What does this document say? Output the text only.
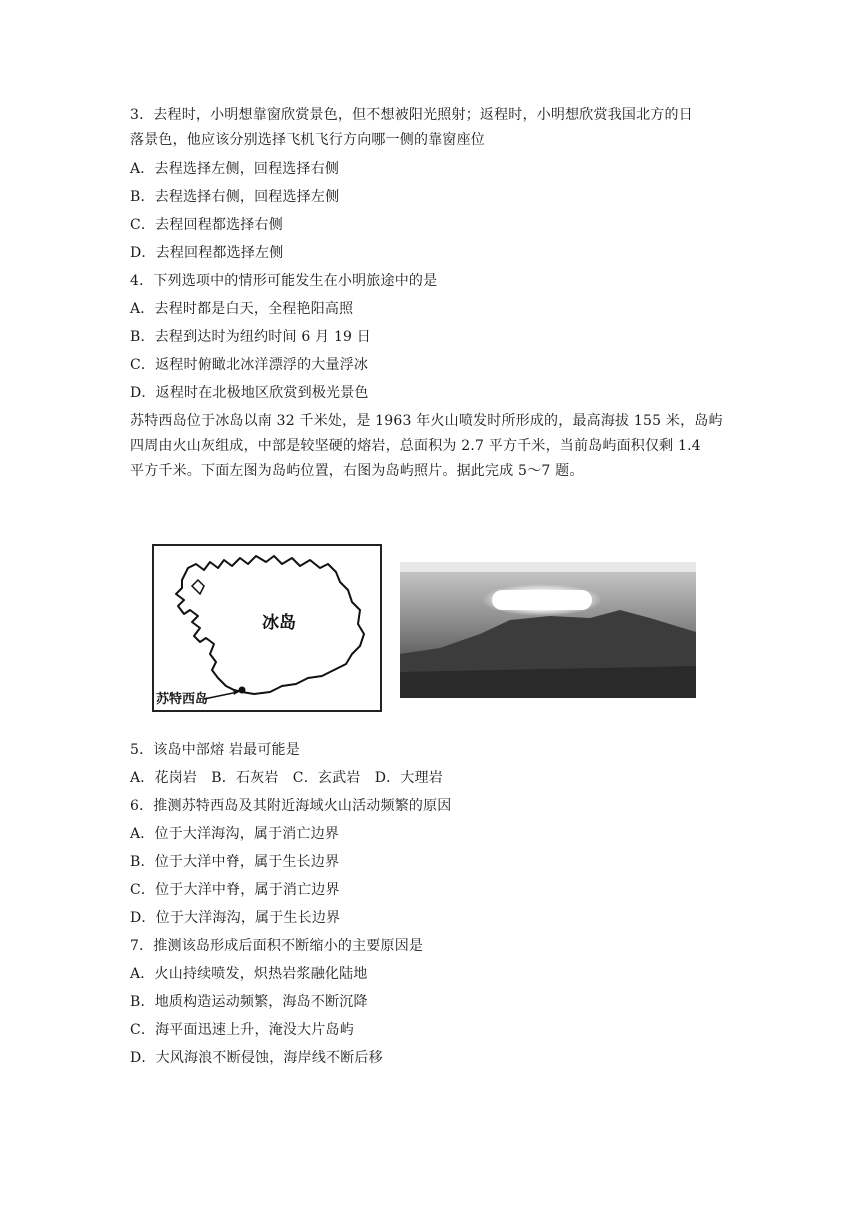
3．去程时，小明想靠窗欣赏景色，但不想被阳光照射；返程时，小明想欣赏我国北方的日
落景色，他应该分别选择飞机飞行方向哪一侧的靠窗座位
A．去程选择左侧，回程选择右侧
B．去程选择右侧，回程选择左侧
C．去程回程都选择右侧
D．去程回程都选择左侧
4．下列选项中的情形可能发生在小明旅途中的是
A．去程时都是白天，全程艳阳高照
B．去程到达时为纽约时间 6 月 19 日
C．返程时俯瞰北冰洋漂浮的大量浮冰
D．返程时在北极地区欣赏到极光景色
苏特西岛位于冰岛以南 32 千米处，是 1963 年火山喷发时所形成的，最高海拔 155 米，岛屿
四周由火山灰组成，中部是较坚硬的熔岩，总面积为 2.7 平方千米，当前岛屿面积仅剩 1.4
平方千米。下面左图为岛屿位置，右图为岛屿照片。据此完成 5～7 题。
冰岛
苏特西岛
5．该岛中部熔 岩最可能是
A．花岗岩　B．石灰岩　C．玄武岩　D．大理岩
6．推测苏特西岛及其附近海域火山活动频繁的原因
A．位于大洋海沟，属于消亡边界
B．位于大洋中脊，属于生长边界
C．位于大洋中脊，属于消亡边界
D．位于大洋海沟，属于生长边界
7．推测该岛形成后面积不断缩小的主要原因是
A．火山持续喷发，炽热岩浆融化陆地
B．地质构造运动频繁，海岛不断沉降
C．海平面迅速上升，淹没大片岛屿
D．大风海浪不断侵蚀，海岸线不断后移
